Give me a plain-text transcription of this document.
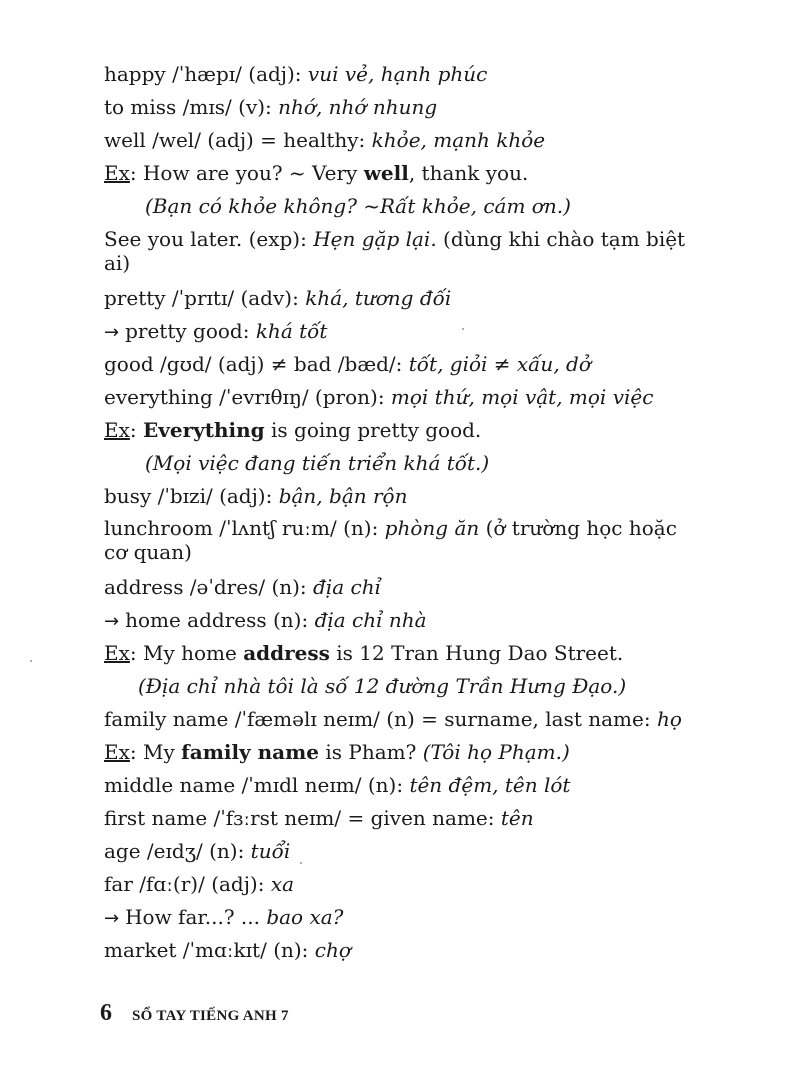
happy /ˈhæpɪ/ (adj): vui vẻ, hạnh phúc
to miss /mɪs/ (v): nhớ, nhớ nhung
well /wel/ (adj) = healthy: khỏe, mạnh khỏe
Ex: How are you? ~ Very well, thank you.
(Bạn có khỏe không? ~Rất khỏe, cám ơn.)
See you later. (exp): Hẹn gặp lại. (dùng khi chào tạm biệt ai)
pretty /ˈprɪtɪ/ (adv): khá, tương đối
→ pretty good: khá tốt
good /gʊd/ (adj) ≠ bad /bæd/: tốt, giỏi ≠ xấu, dở
everything /ˈevrɪθɪŋ/ (pron): mọi thứ, mọi vật, mọi việc
Ex: Everything is going pretty good.
(Mọi việc đang tiến triển khá tốt.)
busy /ˈbɪzi/ (adj): bận, bận rộn
lunchroom /ˈlʌntʃ ruːm/ (n): phòng ăn (ở trường học hoặc cơ quan)
address /əˈdres/ (n): địa chỉ
→ home address (n): địa chỉ nhà
Ex: My home address is 12 Tran Hung Dao Street.
(Địa chỉ nhà tôi là số 12 đường Trần Hưng Đạo.)
family name /ˈfæməlɪ neɪm/ (n) = surname, last name: họ
Ex: My family name is Pham? (Tôi họ Phạm.)
middle name /ˈmɪdl neɪm/ (n): tên đệm, tên lót
first name /ˈfɜːrst neɪm/ = given name: tên
age /eɪdʒ/ (n): tuổi
far /fɑː(r)/ (adj): xa
→ How far...? ... bao xa?
market /ˈmɑːkɪt/ (n): chợ
6 SỔ TAY TIẾNG ANH 7
